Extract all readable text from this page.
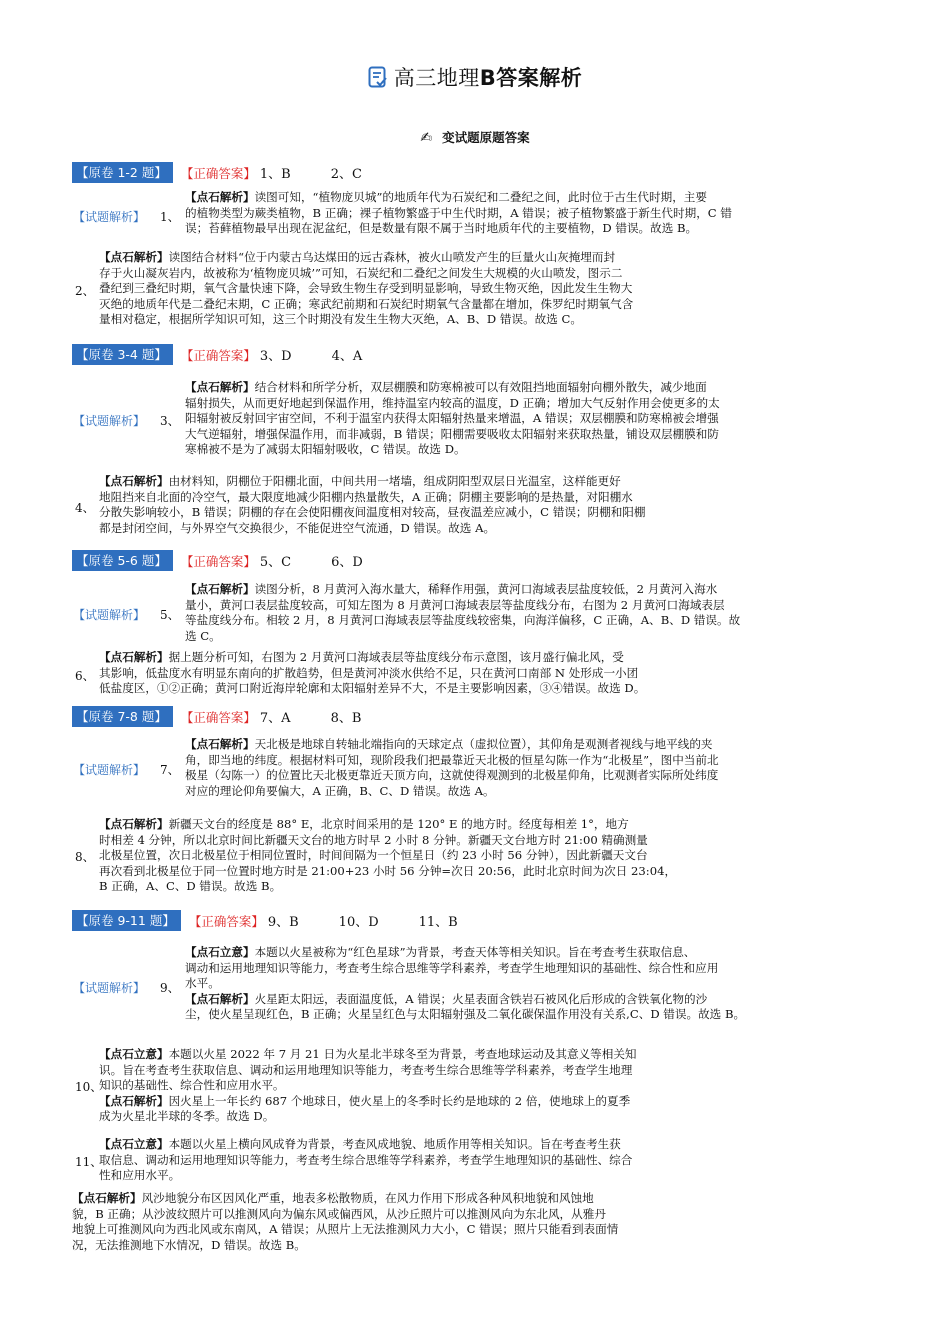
高三地理B答案解析
✍ 变试题原题答案
【原卷 1-2 题】	【正确答案】 1、B	2、C
【试题解析】 1、

【点石解析】读图可知，“植物庞贝城”的地质年代为石炭纪和二叠纪之间，此时位于古生代时期，主要
的植物类型为蕨类植物，B 正确；裸子植物繁盛于中生代时期，A 错误；被子植物繁盛于新生代时期，C 错
误；苔藓植物最早出现在泥盆纪，但是数量有限不属于当时地质年代的主要植物，D 错误。故选 B。

2、

【点石解析】读图结合材料“位于内蒙古乌达煤田的远古森林，被火山喷发产生的巨量火山灰掩埋而封
存于火山凝灰岩内，故被称为‘植物庞贝城’”可知，石炭纪和二叠纪之间发生大规模的火山喷发，图示二
叠纪到三叠纪时期，氧气含量快速下降，会导致生物生存受到明显影响，导致生物灭绝，因此发生生物大
灭绝的地质年代是二叠纪末期，C 正确；寒武纪前期和石炭纪时期氧气含量都在增加，侏罗纪时期氧气含
量相对稳定，根据所学知识可知，这三个时期没有发生生物大灭绝，A、B、D 错误。故选 C。

【原卷 3-4 题】	【正确答案】 3、D	4、A
【试题解析】 3、

【点石解析】结合材料和所学分析，双层棚膜和防寒棉被可以有效阻挡地面辐射向棚外散失，减少地面
辐射损失，从而更好地起到保温作用，维持温室内较高的温度，D 正确；增加大气反射作用会使更多的太
阳辐射被反射回宇宙空间，不利于温室内获得太阳辐射热量来增温，A 错误；双层棚膜和防寒棉被会增强
大气逆辐射，增强保温作用，而非减弱，B 错误；阳棚需要吸收太阳辐射来获取热量，铺设双层棚膜和防
寒棉被不是为了减弱太阳辐射吸收，C 错误。故选 D。

4、

【点石解析】由材料知，阴棚位于阳棚北面，中间共用一堵墙，组成阴阳型双层日光温室，这样能更好
地阻挡来自北面的冷空气，最大限度地减少阳棚内热量散失，A 正确；阴棚主要影响的是热量，对阳棚水
分散失影响较小，B 错误；阴棚的存在会使阳棚夜间温度相对较高，昼夜温差应减小，C 错误；阴棚和阳棚
都是封闭空间，与外界空气交换很少，不能促进空气流通，D 错误。故选 A。

【原卷 5-6 题】	【正确答案】 5、C	6、D
【试题解析】 5、

【点石解析】读图分析，8 月黄河入海水量大，稀释作用强，黄河口海域表层盐度较低，2 月黄河入海水
量小，黄河口表层盐度较高，可知左图为 8 月黄河口海域表层等盐度线分布，右图为 2 月黄河口海域表层
等盐度线分布。相较 2 月，8 月黄河口海域表层等盐度线较密集，向海洋偏移，C 正确，A、B、D 错误。故
选 C。

6、

【点石解析】据上题分析可知，右图为 2 月黄河口海域表层等盐度线分布示意图，该月盛行偏北风，受
其影响，低盐度水有明显东南向的扩散趋势，但是黄河冲淡水供给不足，只在黄河口南部 N 处形成一小团
低盐度区，①②正确；黄河口附近海岸轮廓和太阳辐射差异不大，不是主要影响因素，③④错误。故选 D。

【原卷 7-8 题】	【正确答案】 7、A	8、B
【试题解析】 7、

【点石解析】天北极是地球自转轴北端指向的天球定点（虚拟位置），其仰角是观测者视线与地平线的夹
角，即当地的纬度。根据材料可知，现阶段我们把最靠近天北极的恒星勾陈一作为“北极星”，图中当前北
极星（勾陈一）的位置比天北极更靠近天顶方向，这就使得观测到的北极星仰角，比观测者实际所处纬度
对应的理论仰角要偏大，A 正确，B、C、D 错误。故选 A。

8、

【点石解析】新疆天文台的经度是 88° E，北京时间采用的是 120° E 的地方时。经度每相差 1°，地方
时相差 4 分钟，所以北京时间比新疆天文台的地方时早 2 小时 8 分钟。新疆天文台地方时 21:00 精确测量
北极星位置，次日北极星位于相同位置时，时间间隔为一个恒星日（约 23 小时 56 分钟），因此新疆天文台
再次看到北极星位于同一位置时地方时是 21:00+23 小时 56 分钟=次日 20:56，此时北京时间为次日 23:04，
B 正确，A、C、D 错误。故选 B。

【原卷 9-11 题】	【正确答案】 9、B	10、D	11、B
【试题解析】 9、

【点石立意】本题以火星被称为“红色星球”为背景，考查天体等相关知识。旨在考查考生获取信息、
调动和运用地理知识等能力，考查考生综合思维等学科素养，考查学生地理知识的基础性、综合性和应用
水平。

【点石解析】火星距太阳远，表面温度低，A 错误；火星表面含铁岩石被风化后形成的含铁氧化物的沙
尘，使火星呈现红色，B 正确；火星呈红色与太阳辐射强及二氧化碳保温作用没有关系,C、D 错误。故选 B。

10、

【点石立意】本题以火星 2022 年 7 月 21 日为火星北半球冬至为背景，考查地球运动及其意义等相关知
识。旨在考查考生获取信息、调动和运用地理知识等能力，考查考生综合思维等学科素养，考查学生地理
知识的基础性、综合性和应用水平。

【点石解析】因火星上一年长约 687 个地球日，使火星上的冬季时长约是地球的 2 倍，使地球上的夏季
成为火星北半球的冬季。故选 D。

11、

【点石立意】本题以火星上横向风成脊为背景，考查风成地貌、地质作用等相关知识。旨在考查考生获
取信息、调动和运用地理知识等能力，考查考生综合思维等学科素养，考查学生地理知识的基础性、综合
性和应用水平。

【点石解析】风沙地貌分布区因风化严重，地表多松散物质，在风力作用下形成各种风积地貌和风蚀地
貌，B 正确；从沙波纹照片可以推测风向为偏东风或偏西风，从沙丘照片可以推测风向为东北风，从雅丹
地貌上可推测风向为西北风或东南风，A 错误；从照片上无法推测风力大小，C 错误；照片只能看到表面情
况，无法推测地下水情况，D 错误。故选 B。
